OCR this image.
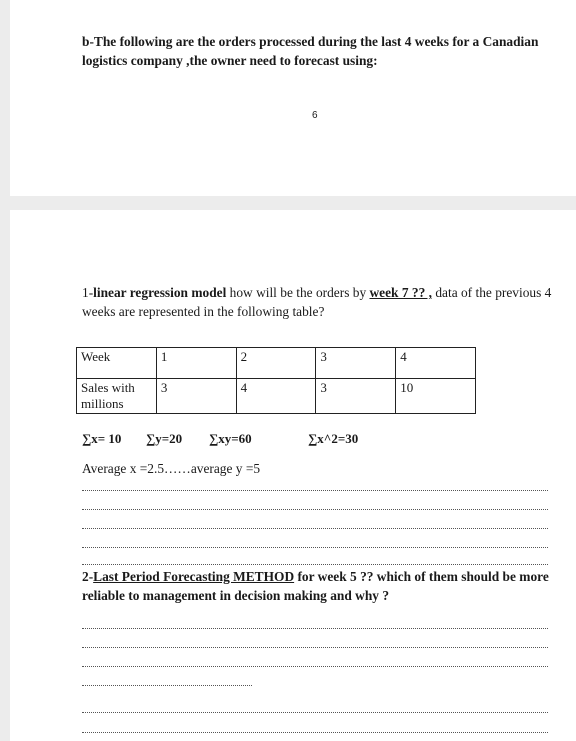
b-The following are the orders processed during the last 4 weeks for a Canadian logistics company ,the owner need to forecast using:
6
1-linear regression model how will be the orders by week 7 ?? , data of the previous 4 weeks are represented in the following table?
Week	1	2	3	4
Sales with millions	3	4	3	10
∑x= 10 ∑y=20 ∑xy=60	∑x^2=30
Average x =2.5……average y =5
2-Last Period Forecasting METHOD for week 5 ?? which of them should be more reliable to management in decision making and why ?
